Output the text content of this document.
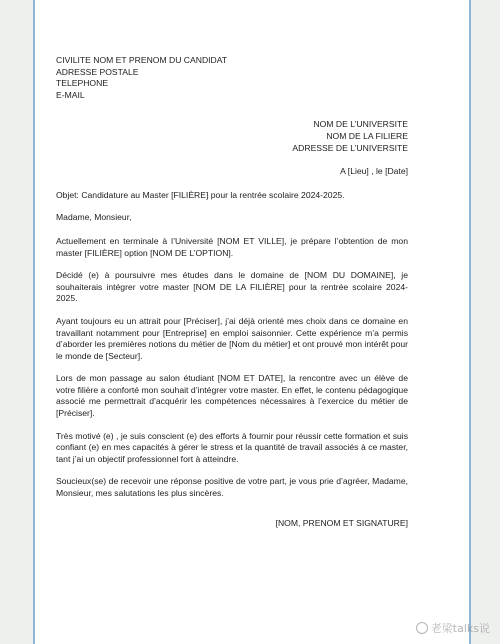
CIVILITE NOM ET PRENOM DU CANDIDAT
ADRESSE POSTALE
TELEPHONE
E-MAIL
NOM DE L’UNIVERSITE
NOM DE LA FILIERE
ADRESSE DE L’UNIVERSITE
A [Lieu] , le [Date]
Objet: Candidature au Master [FILIÈRE] pour la rentrée scolaire 2024-2025.
Madame, Monsieur,
Actuellement en terminale à l’Université [NOM ET VILLE], je prépare l’obtention de mon master [FILIÈRE] option [NOM DE L’OPTION].
Décidé (e) à poursuivre mes études dans le domaine de [NOM DU DOMAINE], je souhaiterais intégrer votre master [NOM DE LA FILIÈRE] pour la rentrée scolaire 2024-2025.
Ayant toujours eu un attrait pour [Préciser], j’ai déjà orienté mes choix dans ce domaine en travaillant notamment pour [Entreprise] en emploi saisonnier. Cette expérience m’a permis d’aborder les premières notions du métier de [Nom du métier] et ont prouvé mon intérêt pour le monde de [Secteur].
Lors de mon passage au salon étudiant [NOM ET DATE], la rencontre avec un élève de votre filière a conforté mon souhait d’intégrer votre master. En effet, le contenu pédagogique associé me permettrait d’acquérir les compétences nécessaires à l’exercice du métier de [Préciser].
Très motivé (e) , je suis conscient (e) des efforts à fournir pour réussir cette formation et suis confiant (e) en mes capacités à gérer le stress et la quantité de travail associés à ce master, tant j’ai un objectif professionnel fort à atteindre.
Soucieux(se) de recevoir une réponse positive de votre part, je vous prie d’agréer, Madame, Monsieur, mes salutations les plus sincères.
[NOM, PRENOM ET SIGNATURE]
老梁talks说
